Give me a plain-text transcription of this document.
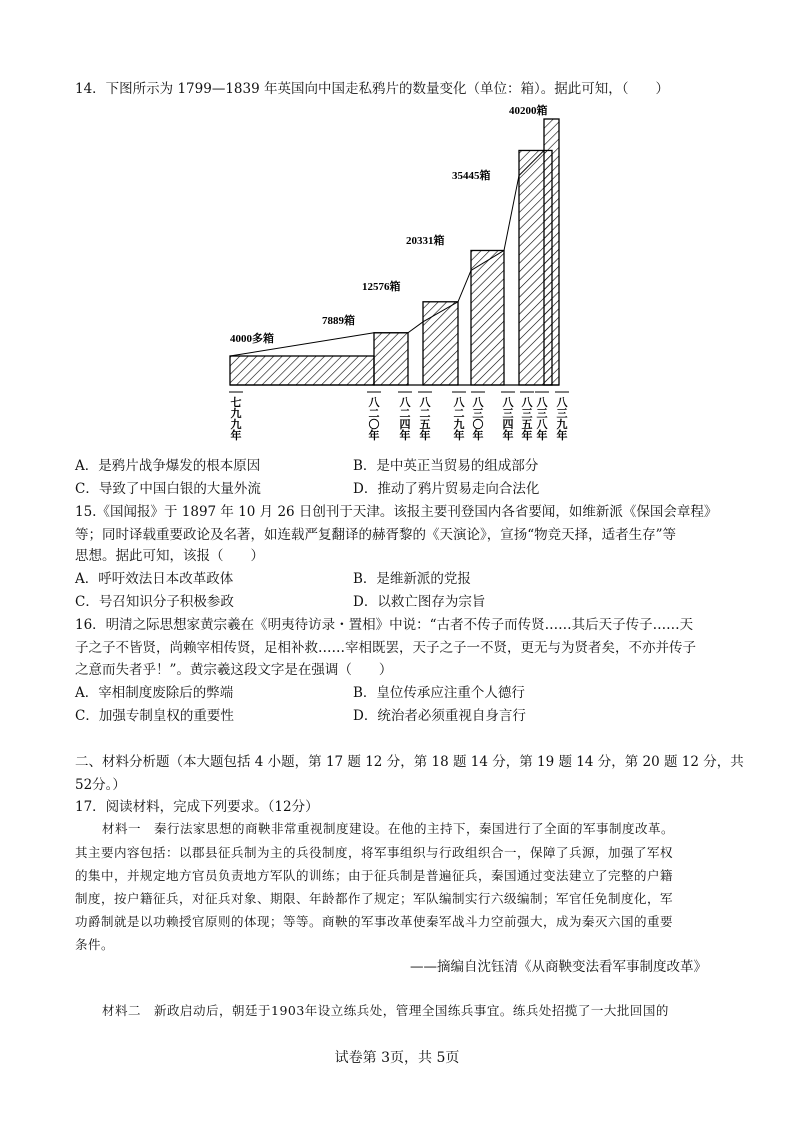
14．下图所示为 1799—1839 年英国向中国走私鸦片的数量变化（单位：箱）。据此可知，（　　）
4000多箱
7889箱
12576箱
20331箱
35445箱
40200箱
七九九年
八二〇年
八二四年
八二五年
八二九年
八三〇年
八三四年
八三五年
八三八年
八三九年
A．是鸦片战争爆发的根本原因	B．是中英正当贸易的组成部分
C．导致了中国白银的大量外流	D．推动了鸦片贸易走向合法化
15.《国闻报》于 1897 年 10 月 26 日创刊于天津。该报主要刊登国内各省要闻，如维新派《保国会章程》
等；同时译载重要政论及名著，如连载严复翻译的赫胥黎的《天演论》，宣扬“物竞天择，适者生存”等
思想。据此可知，该报（　　）
A．呼吁效法日本改革政体	B．是维新派的党报
C．号召知识分子积极参政	D．以救亡图存为宗旨
16．明清之际思想家黄宗羲在《明夷待访录・置相》中说：“古者不传子而传贤……其后天子传子……天
子之子不皆贤，尚赖宰相传贤，足相补救……宰相既罢，天子之子一不贤，更无与为贤者矣，不亦并传子
之意而失者乎！”。黄宗羲这段文字是在强调（　　）
A．宰相制度废除后的弊端	B．皇位传承应注重个人德行
C．加强专制皇权的重要性	D．统治者必须重视自身言行
二、材料分析题（本大题包括 4 小题，第 17 题 12 分，第 18 题 14 分，第 19 题 14 分，第 20 题 12 分，共
52分。）
17．阅读材料，完成下列要求。（12分）
材料一　秦行法家思想的商鞅非常重视制度建设。在他的主持下，秦国进行了全面的军事制度改革。
其主要内容包括：以郡县征兵制为主的兵役制度，将军事组织与行政组织合一，保障了兵源，加强了军权
的集中，并规定地方官员负责地方军队的训练；由于征兵制是普遍征兵，秦国通过变法建立了完整的户籍
制度，按户籍征兵，对征兵对象、期限、年龄都作了规定；军队编制实行六级编制；军官任免制度化，军
功爵制就是以功赖授官原则的体现；等等。商鞅的军事改革使秦军战斗力空前强大，成为秦灭六国的重要
条件。
——摘编自沈钰清《从商鞅变法看军事制度改革》
材料二　新政启动后，朝廷于1903年设立练兵处，管理全国练兵事宜。练兵处招揽了一大批回国的
试卷第 3页，共 5页
